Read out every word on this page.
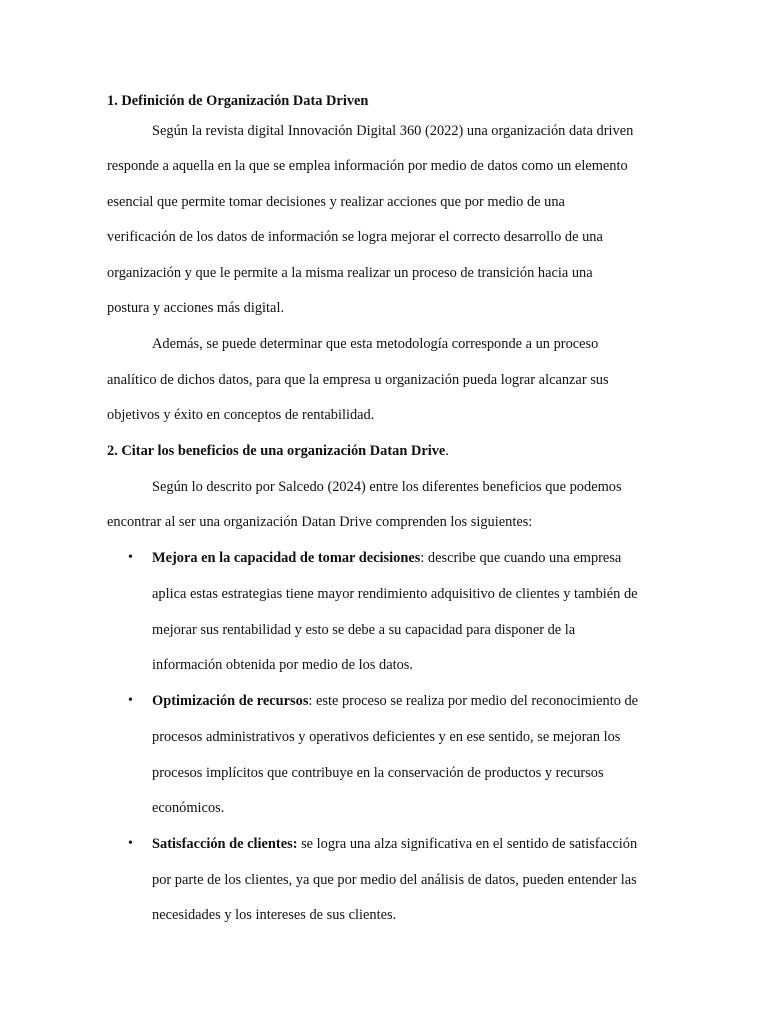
1. Definición de Organización Data Driven

Según la revista digital Innovación Digital 360 (2022) una organización data driven

responde a aquella en la que se emplea información por medio de datos como un elemento

esencial que permite tomar decisiones y realizar acciones que por medio de una

verificación de los datos de información se logra mejorar el correcto desarrollo de una

organización y que le permite a la misma realizar un proceso de transición hacia una

postura y acciones más digital.

Además, se puede determinar que esta metodología corresponde a un proceso

analítico de dichos datos, para que la empresa u organización pueda lograr alcanzar sus

objetivos y éxito en conceptos de rentabilidad.

2. Citar los beneficios de una organización Datan Drive.

Según lo descrito por Salcedo (2024) entre los diferentes beneficios que podemos

encontrar al ser una organización Datan Drive comprenden los siguientes:

• Mejora en la capacidad de tomar decisiones: describe que cuando una empresa

aplica estas estrategias tiene mayor rendimiento adquisitivo de clientes y también de

mejorar sus rentabilidad y esto se debe a su capacidad para disponer de la

información obtenida por medio de los datos.

• Optimización de recursos: este proceso se realiza por medio del reconocimiento de

procesos administrativos y operativos deficientes y en ese sentido, se mejoran los

procesos implícitos que contribuye en la conservación de productos y recursos

económicos.

• Satisfacción de clientes: se logra una alza significativa en el sentido de satisfacción

por parte de los clientes, ya que por medio del análisis de datos, pueden entender las

necesidades y los intereses de sus clientes.
